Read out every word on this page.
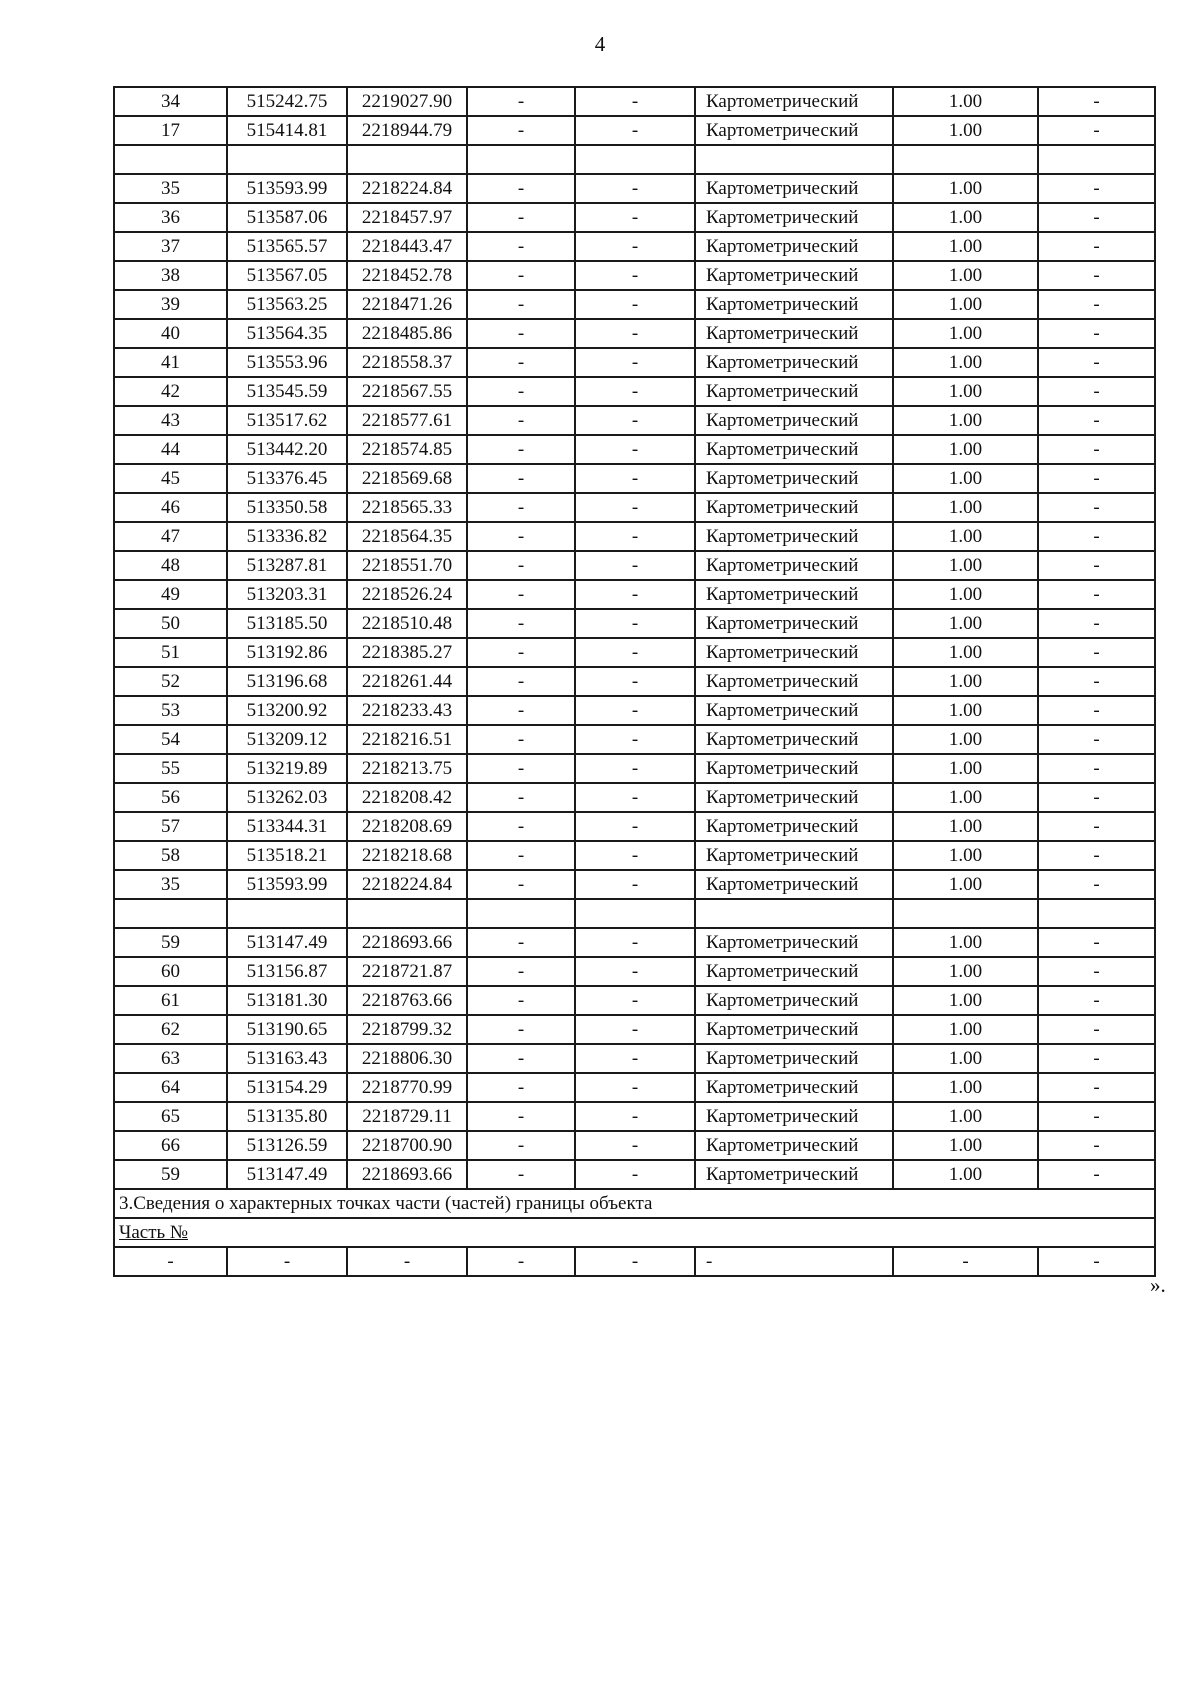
4
34	515242.75	2219027.90	-	-	Картометрический	1.00	-
17	515414.81	2218944.79	-	-	Картометрический	1.00	-

35	513593.99	2218224.84	-	-	Картометрический	1.00	-
36	513587.06	2218457.97	-	-	Картометрический	1.00	-
37	513565.57	2218443.47	-	-	Картометрический	1.00	-
38	513567.05	2218452.78	-	-	Картометрический	1.00	-
39	513563.25	2218471.26	-	-	Картометрический	1.00	-
40	513564.35	2218485.86	-	-	Картометрический	1.00	-
41	513553.96	2218558.37	-	-	Картометрический	1.00	-
42	513545.59	2218567.55	-	-	Картометрический	1.00	-
43	513517.62	2218577.61	-	-	Картометрический	1.00	-
44	513442.20	2218574.85	-	-	Картометрический	1.00	-
45	513376.45	2218569.68	-	-	Картометрический	1.00	-
46	513350.58	2218565.33	-	-	Картометрический	1.00	-
47	513336.82	2218564.35	-	-	Картометрический	1.00	-
48	513287.81	2218551.70	-	-	Картометрический	1.00	-
49	513203.31	2218526.24	-	-	Картометрический	1.00	-
50	513185.50	2218510.48	-	-	Картометрический	1.00	-
51	513192.86	2218385.27	-	-	Картометрический	1.00	-
52	513196.68	2218261.44	-	-	Картометрический	1.00	-
53	513200.92	2218233.43	-	-	Картометрический	1.00	-
54	513209.12	2218216.51	-	-	Картометрический	1.00	-
55	513219.89	2218213.75	-	-	Картометрический	1.00	-
56	513262.03	2218208.42	-	-	Картометрический	1.00	-
57	513344.31	2218208.69	-	-	Картометрический	1.00	-
58	513518.21	2218218.68	-	-	Картометрический	1.00	-
35	513593.99	2218224.84	-	-	Картометрический	1.00	-

59	513147.49	2218693.66	-	-	Картометрический	1.00	-
60	513156.87	2218721.87	-	-	Картометрический	1.00	-
61	513181.30	2218763.66	-	-	Картометрический	1.00	-
62	513190.65	2218799.32	-	-	Картометрический	1.00	-
63	513163.43	2218806.30	-	-	Картометрический	1.00	-
64	513154.29	2218770.99	-	-	Картометрический	1.00	-
65	513135.80	2218729.11	-	-	Картометрический	1.00	-
66	513126.59	2218700.90	-	-	Картометрический	1.00	-
59	513147.49	2218693.66	-	-	Картометрический	1.00	-
3.Сведения о характерных точках части (частей) границы объекта							
Часть №							
-	-	-	-	-	-	-	-
».
